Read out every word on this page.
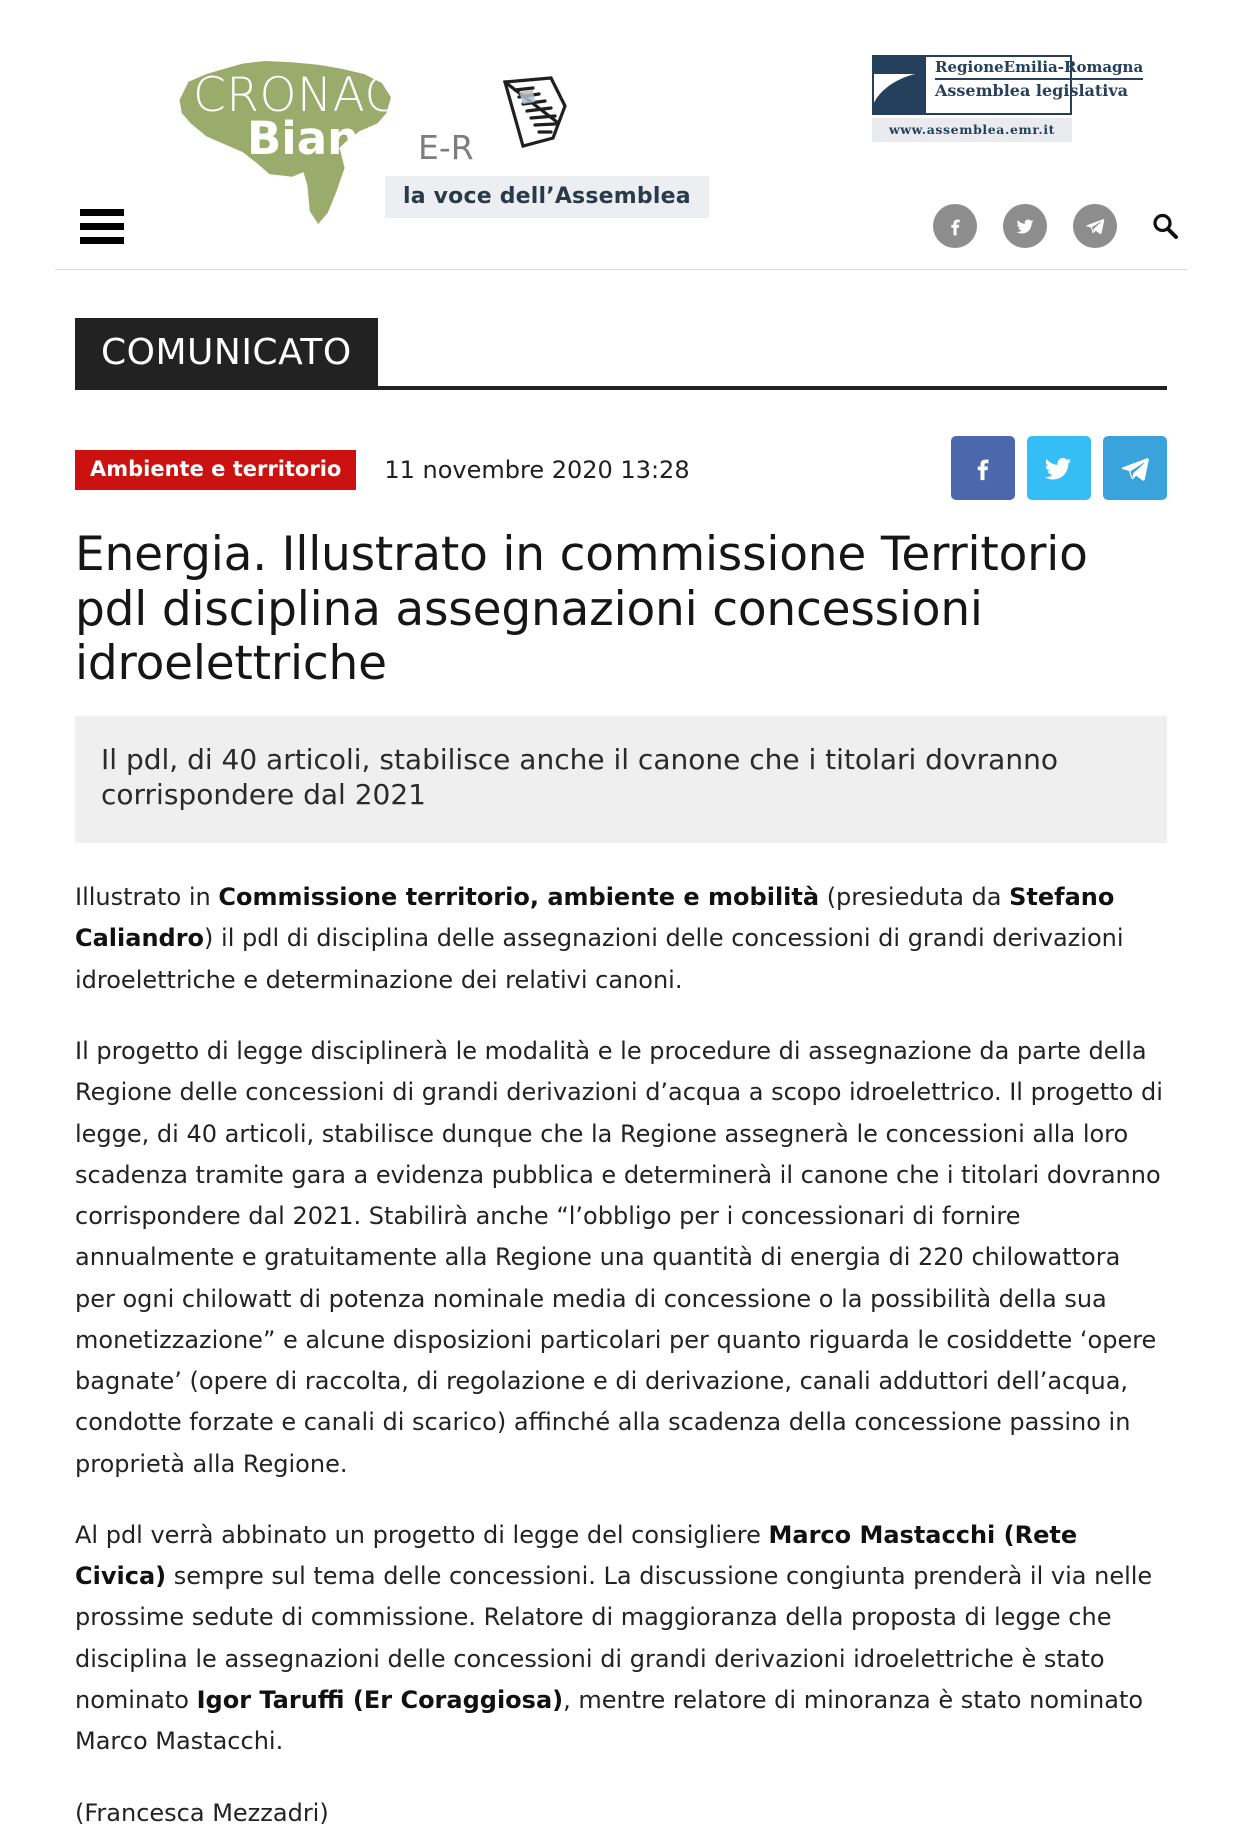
CRONACA
Bianca E-R
la voce dell’Assemblea
RegioneEmilia-Romagna
Assemblea legislativa
www.assemblea.emr.it
COMUNICATO
Ambiente e territorio	11 novembre 2020 13:28
Energia. Illustrato in commissione Territorio pdl disciplina assegnazioni concessioni idroelettriche

Il pdl, di 40 articoli, stabilisce anche il canone che i titolari dovranno corrispondere dal 2021

Illustrato in Commissione territorio, ambiente e mobilità (presieduta da Stefano Caliandro) il pdl di disciplina delle assegnazioni delle concessioni di grandi derivazioni idroelettriche e determinazione dei relativi canoni.

Il progetto di legge disciplinerà le modalità e le procedure di assegnazione da parte della Regione delle concessioni di grandi derivazioni d’acqua a scopo idroelettrico. Il progetto di legge, di 40 articoli, stabilisce dunque che la Regione assegnerà le concessioni alla loro scadenza tramite gara a evidenza pubblica e determinerà il canone che i titolari dovranno corrispondere dal 2021. Stabilirà anche “l’obbligo per i concessionari di fornire annualmente e gratuitamente alla Regione una quantità di energia di 220 chilowattora per ogni chilowatt di potenza nominale media di concessione o la possibilità della sua monetizzazione” e alcune disposizioni particolari per quanto riguarda le cosiddette ‘opere bagnate’ (opere di raccolta, di regolazione e di derivazione, canali adduttori dell’acqua, condotte forzate e canali di scarico) affinché alla scadenza della concessione passino in proprietà alla Regione.

Al pdl verrà abbinato un progetto di legge del consigliere Marco Mastacchi (Rete Civica) sempre sul tema delle concessioni. La discussione congiunta prenderà il via nelle prossime sedute di commissione. Relatore di maggioranza della proposta di legge che disciplina le assegnazioni delle concessioni di grandi derivazioni idroelettriche è stato nominato Igor Taruffi (Er Coraggiosa), mentre relatore di minoranza è stato nominato Marco Mastacchi.

(Francesca Mezzadri)
